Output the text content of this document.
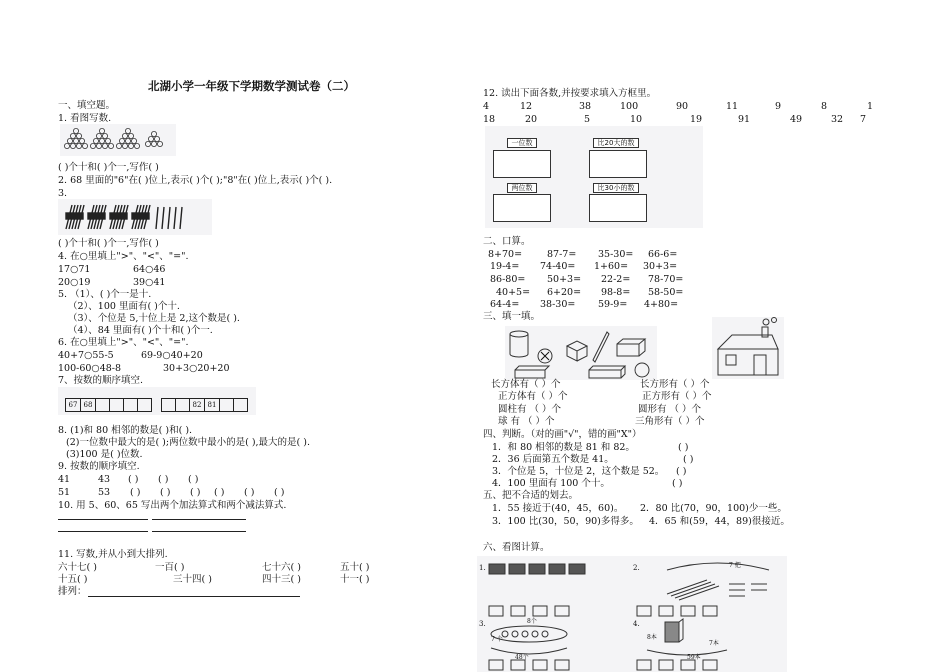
北湖小学一年级下学期数学测试卷（二）
一、填空题。
1. 看图写数.
( )个十和( )个一,写作( )
2. 68 里面的"6"在( )位上,表示( )个( );"8"在( )位上,表示( )个( ).
3.
( )个十和( )个一,写作( )
4. 在○里填上">"、"<"、"=".
17○71	64○46
20○19	39○41
5. （1）、( )个一是十.
（2）、100 里面有( )个十.
（3）、个位是 5,十位上是 2,这个数是( ).
（4）、84 里面有( )个十和( )个一.
6. 在○里填上">"、"<"、"=".
40+7○55-5	69-9○40+20
100-60○48-8	30+3○20+20
7、按数的顺序填空.
67 68	82 81
8. (1)和 80 相邻的数是( )和( ).
(2)一位数中最大的是( );两位数中最小的是( ),最大的是( ).
(3)100 是( )位数.
9. 按数的顺序填空.
41	43 ( ) ( ) ( )
51	53 ( ) ( ) ( ) ( ) ( ) ( )
10. 用 5、60、65 写出两个加法算式和两个减法算式.
11. 写数,并从小到大排列.
六十七( )	一百( )	七十六( )	五十( )
十五( )	三十四( )	四十三( )	十一( )
排列：
12. 读出下面各数,并按要求填入方框里。
4	12	38	100	90	11	9	8	1
18	20	5	10	19	91	49	32 7
一位数	比20大的数
两位数	比30小的数
二、口算。
8+70=	87-7= 35-30= 66-6=
19-4= 74-40= 1+60= 30+3=
86-80= 50+3= 22-2= 78-70=
40+5= 6+20= 98-8= 58-50=
64-4= 38-30= 59-9= 4+80=
三、填一填。
长方体有（ ）个
正方体有（ ）个
圆柱有 （ ）个
球 有 （ ）个
长方形有（ ）个
正方形有（ ）个
圆形有 （ ）个
三角形有（ ）个
四、判断。（对的画"√"，错的画"X"）
1．和 80 相邻的数是 81 和 82。	( )
2．36 后面第五个数是 41。	( )
3．个位是 5，十位是 2，这个数是 52。 ( )
4．100 里面有 100 个十。	( )
五、把不合适的划去。
1．55 接近于(40，45，60)。 2．80 比(70，90，100)少一些。
3．100 比(30，50，90)多得多。 4．65 和(59，44，89)很接近。
六、看图计算。
1.	2.
3.	4.
7 把
8个
48个
7 个	8本
7本
59本
